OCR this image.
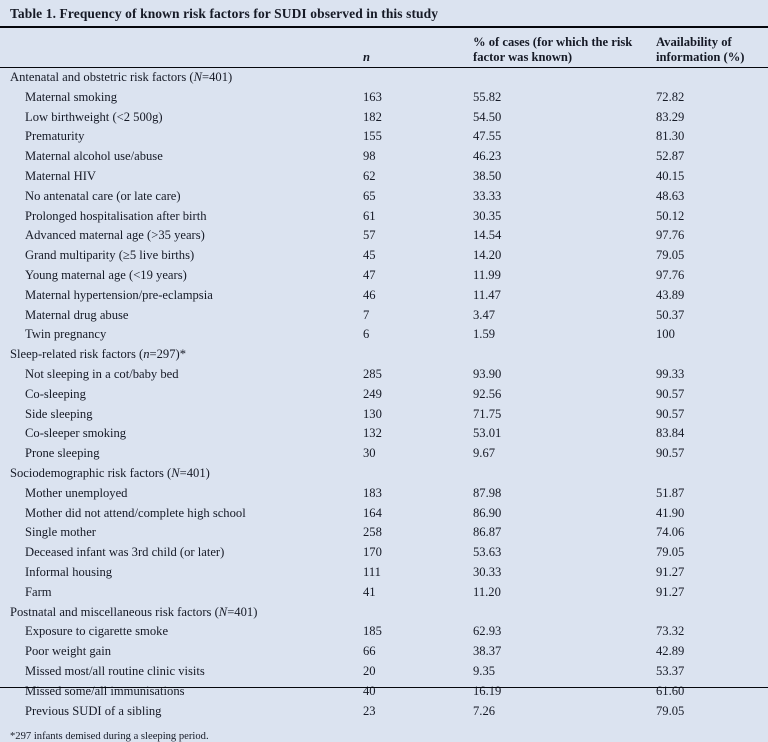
Table 1. Frequency of known risk factors for SUDI observed in this study
	n	% of cases (for which the risk factor was known)	Availability of information (%)
Antenatal and obstetric risk factors (N=401)			
Maternal smoking	163	55.82	72.82
Low birthweight (<2 500g)	182	54.50	83.29
Prematurity	155	47.55	81.30
Maternal alcohol use/abuse	98	46.23	52.87
Maternal HIV	62	38.50	40.15
No antenatal care (or late care)	65	33.33	48.63
Prolonged hospitalisation after birth	61	30.35	50.12
Advanced maternal age (>35 years)	57	14.54	97.76
Grand multiparity (≥5 live births)	45	14.20	79.05
Young maternal age (<19 years)	47	11.99	97.76
Maternal hypertension/pre-eclampsia	46	11.47	43.89
Maternal drug abuse	7	3.47	50.37
Twin pregnancy	6	1.59	100
Sleep-related risk factors (n=297)*			
Not sleeping in a cot/baby bed	285	93.90	99.33
Co-sleeping	249	92.56	90.57
Side sleeping	130	71.75	90.57
Co-sleeper smoking	132	53.01	83.84
Prone sleeping	30	9.67	90.57
Sociodemographic risk factors (N=401)			
Mother unemployed	183	87.98	51.87
Mother did not attend/complete high school	164	86.90	41.90
Single mother	258	86.87	74.06
Deceased infant was 3rd child (or later)	170	53.63	79.05
Informal housing	111	30.33	91.27
Farm	41	11.20	91.27
Postnatal and miscellaneous risk factors (N=401)			
Exposure to cigarette smoke	185	62.93	73.32
Poor weight gain	66	38.37	42.89
Missed most/all routine clinic visits	20	9.35	53.37
Missed some/all immunisations	40	16.19	61.60
Previous SUDI of a sibling	23	7.26	79.05
*297 infants demised during a sleeping period.
